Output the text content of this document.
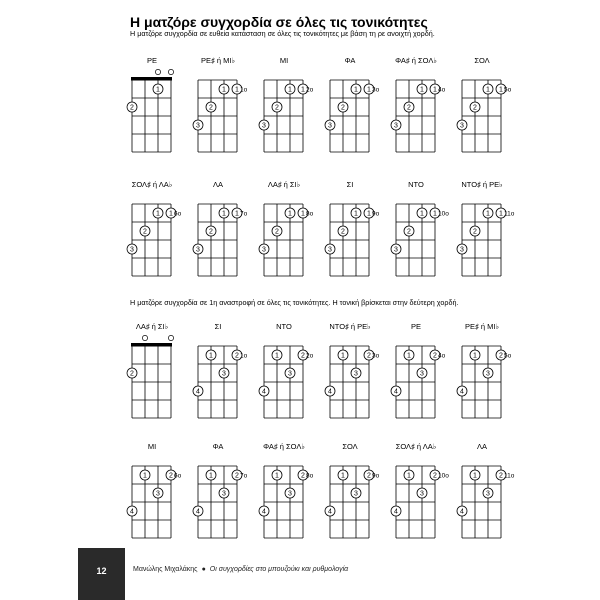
Η ματζόρε συγχορδία σε όλες τις τονικότητες
Η ματζόρε συγχορδία σε ευθεία κατάσταση σε όλες τις τονικότητες με βάση τη ρε ανοιχτή χορδή.
Η ματζόρε συγχορδία σε 1η αναστροφή σε όλες τις τονικότητες. Η τονική βρίσκεται στην δεύτερη χορδή.
ΡΕ
1
2
ΡΕ♯ ή ΜΙ♭
1 1
2
3
1ο
ΜΙ
1 1
2
3
2ο
ΦΑ
1 1
2
3
3ο
ΦΑ♯ ή ΣΟΛ♭
1 1
2
3
4ο
ΣΟΛ
1 1
2
3
5ο
ΣΟΛ♯ ή ΛΑ♭
1 1
2
3
6ο
ΛΑ
1 1
2
3
7ο
ΛΑ♯ ή ΣΙ♭
1 1
2
3
8ο
ΣΙ
1 1
2
3
9ο
ΝΤΟ
1 1
2
3
10ο
ΝΤΟ♯ ή ΡΕ♭
1 1
2
3
11ο
ΛΑ♯ ή ΣΙ♭
2
ΣΙ
1	2
3
4
1ο
ΝΤΟ
1	2
3
4
2ο
ΝΤΟ♯ ή ΡΕ♭
1	2
3
4
3ο
ΡΕ
1	2
3
4
4ο
ΡΕ♯ ή ΜΙ♭
1	2
3
4
5ο
ΜΙ
1	2
3
4
6ο
ΦΑ
1	2
3
4
7ο
ΦΑ♯ ή ΣΟΛ♭
1	2
3
4
8ο
ΣΟΛ
1	2
3
4
9ο
ΣΟΛ♯ ή ΛΑ♭
1	2
3
4
10ο
ΛΑ
1	2
3
4
11ο
12	Μανώλης Μιχαλάκης ● Οι συγχορδίες στο μπουζούκι και ρυθμολογία
